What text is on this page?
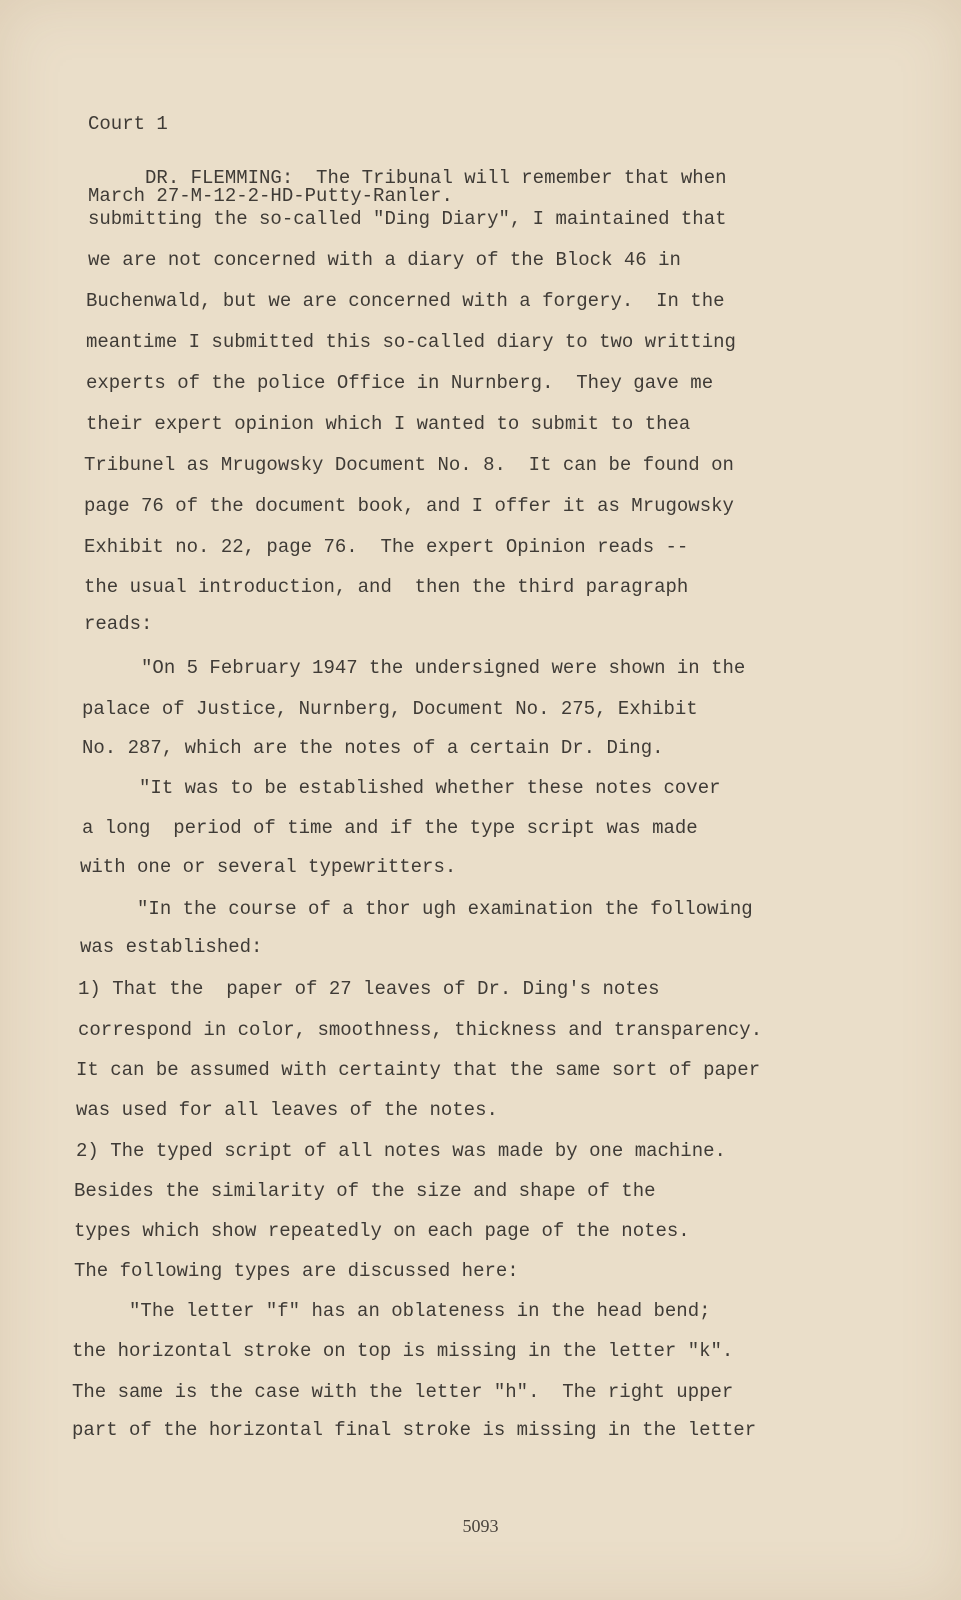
Court 1

March 27-M-12-2-HD-Putty-Ranler.

DR. FLEMMING:  The Tribunal will remember that when

submitting the so-called "Ding Diary", I maintained that

we are not concerned with a diary of the Block 46 in

Buchenwald, but we are concerned with a forgery.  In the

meantime I submitted this so-called diary to two writting

experts of the police Office in Nurnberg.  They gave me

their expert opinion which I wanted to submit to thea

Tribunel as Mrugowsky Document No. 8.  It can be found on

page 76 of the document book, and I offer it as Mrugowsky

Exhibit no. 22, page 76.  The expert Opinion reads --

the usual introduction, and  then the third paragraph

reads:

"On 5 February 1947 the undersigned were shown in the

palace of Justice, Nurnberg, Document No. 275, Exhibit

No. 287, which are the notes of a certain Dr. Ding.

"It was to be established whether these notes cover

a long  period of time and if the type script was made

with one or several typewritters.

"In the course of a thor ugh examination the following

was established:

1) That the  paper of 27 leaves of Dr. Ding's notes

correspond in color, smoothness, thickness and transparency.

It can be assumed with certainty that the same sort of paper

was used for all leaves of the notes.

2) The typed script of all notes was made by one machine.

Besides the similarity of the size and shape of the

types which show repeatedly on each page of the notes.

The following types are discussed here:

"The letter "f" has an oblateness in the head bend;

the horizontal stroke on top is missing in the letter "k".

The same is the case with the letter "h".  The right upper

part of the horizontal final stroke is missing in the letter

5093
